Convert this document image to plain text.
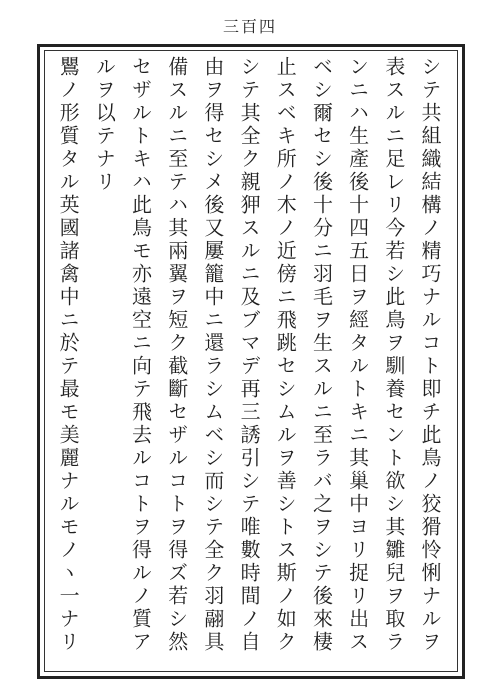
三百四
シテ共組織結構ノ精巧ナルコト即チ此鳥ノ狡猾怜悧ナルヲ
表スルニ足レリ今若シ此鳥ヲ馴養セント欲シ其雛兒ヲ取ラ
ンニハ生產後十四五日ヲ經タルトキニ其巢中ヨリ捉リ出ス
ベシ爾セシ後十分ニ羽毛ヲ生スルニ至ラバ之ヲシテ後來棲
止スベキ所ノ木ノ近傍ニ飛跳セシムルヲ善シトス斯ノ如ク
シテ其全ク親狎スルニ及ブマデ再三誘引シテ唯數時間ノ自
由ヲ得セシメ後又屢籠中ニ還ラシムベシ而シテ全ク羽翮具
備スルニ至テハ其兩翼ヲ短ク截斷セザルコトヲ得ズ若シ然
セザルトキハ此鳥モ亦遠空ニ向テ飛去ルコトヲ得ルノ質ア
ルヲ以テナリ
鸎ノ形質タル英國諸禽中ニ於テ最モ美麗ナルモノヽ一ナリ
